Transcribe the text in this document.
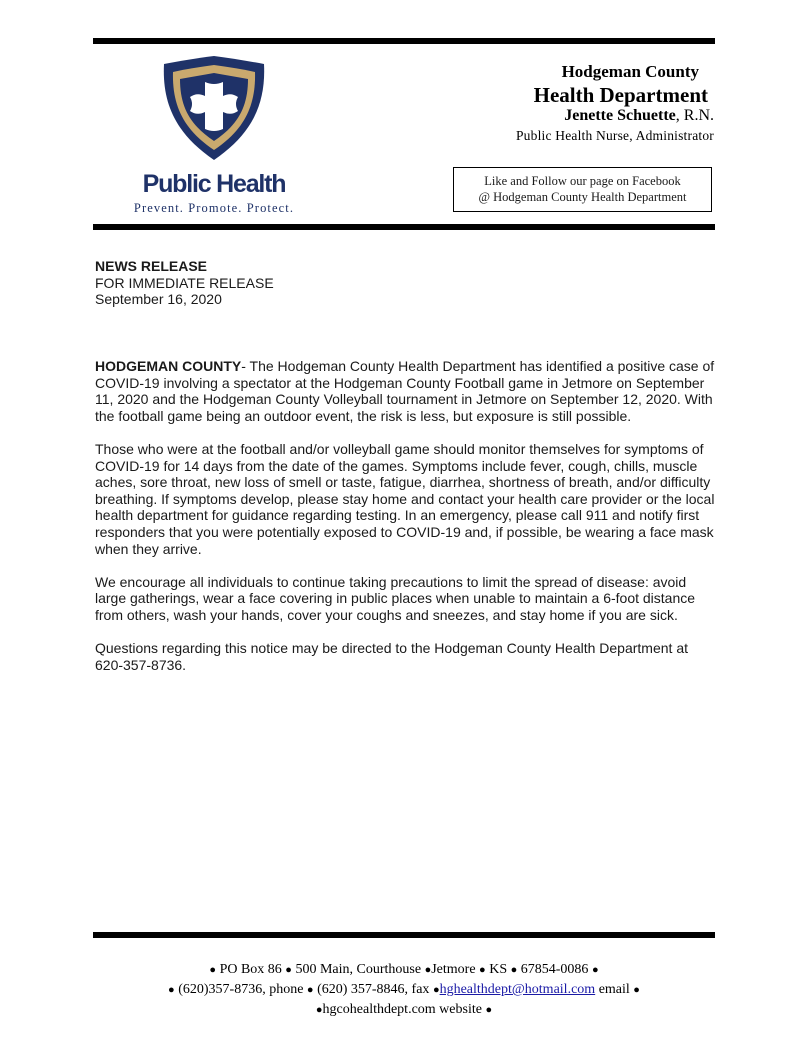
Public Health
Prevent. Promote. Protect.
Hodgeman County
Health Department
Jenette Schuette, R.N.
Public Health Nurse, Administrator
Like and Follow our page on Facebook
@ Hodgeman County Health Department
NEWS RELEASE
FOR IMMEDIATE RELEASE
September 16, 2020

HODGEMAN COUNTY- The Hodgeman County Health Department has identified a positive case of COVID-19 involving a spectator at the Hodgeman County Football game in Jetmore on September 11, 2020 and the Hodgeman County Volleyball tournament in Jetmore on September 12, 2020. With the football game being an outdoor event, the risk is less, but exposure is still possible.

Those who were at the football and/or volleyball game should monitor themselves for symptoms of COVID-19 for 14 days from the date of the games. Symptoms include fever, cough, chills, muscle aches, sore throat, new loss of smell or taste, fatigue, diarrhea, shortness of breath, and/or difficulty breathing. If symptoms develop, please stay home and contact your health care provider or the local health department for guidance regarding testing. In an emergency, please call 911 and notify first responders that you were potentially exposed to COVID-19 and, if possible, be wearing a face mask when they arrive.

We encourage all individuals to continue taking precautions to limit the spread of disease: avoid large gatherings, wear a face covering in public places when unable to maintain a 6-foot distance from others, wash your hands, cover your coughs and sneezes, and stay home if you are sick.

Questions regarding this notice may be directed to the Hodgeman County Health Department at 620-357-8736.

● PO Box 86 ● 500 Main, Courthouse ●Jetmore ● KS ● 67854-0086 ●
● (620)357-8736, phone ● (620) 357-8846, fax ●hghealthdept@hotmail.com email ●
●hgcohealthdept.com website ●
